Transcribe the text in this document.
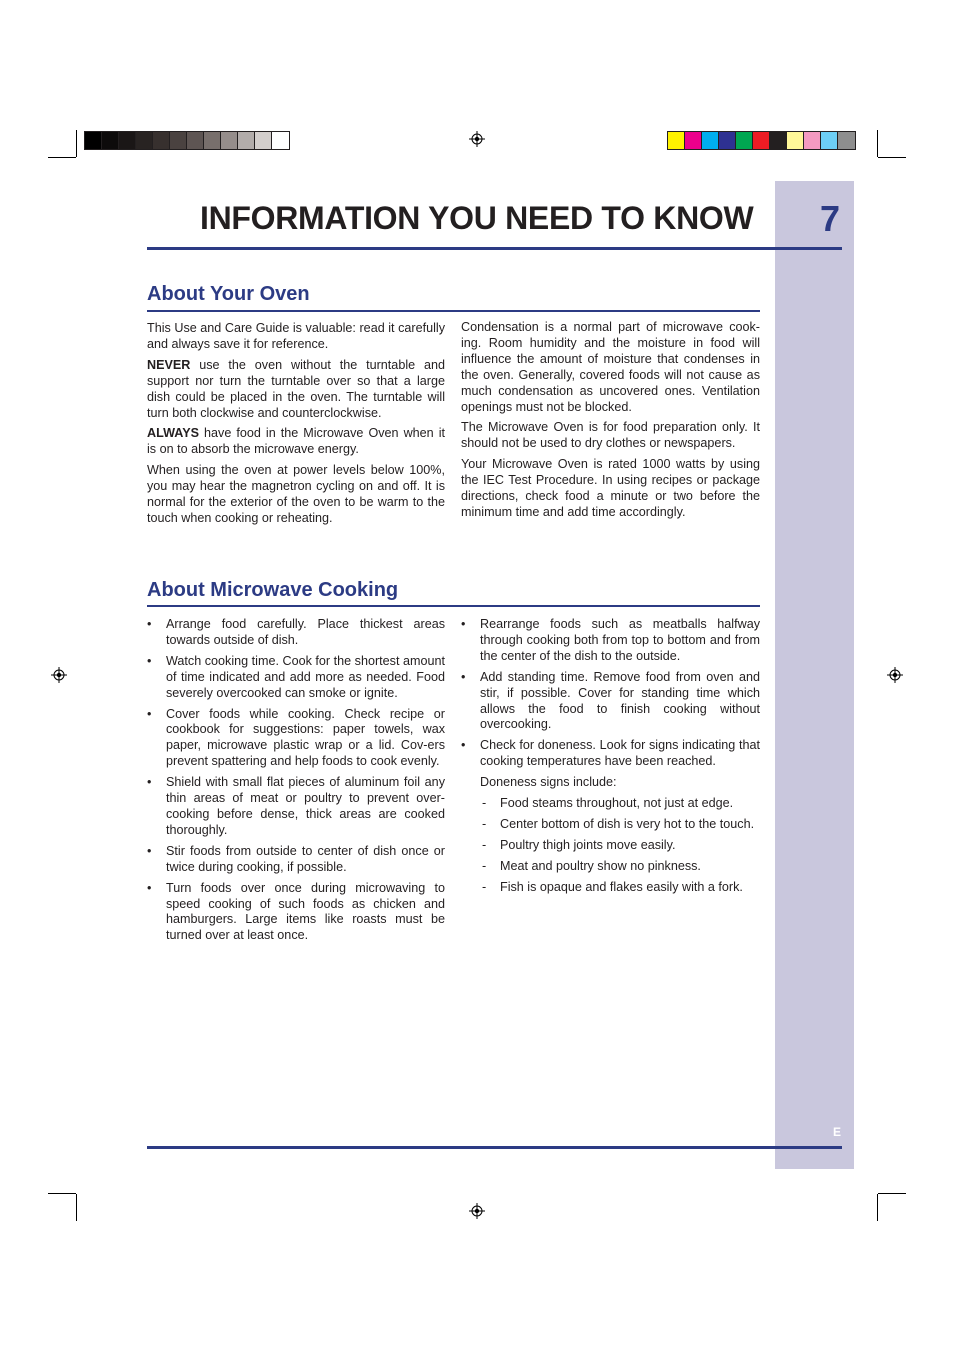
7
E
INFORMATION YOU NEED TO KNOW
About Your Oven

This Use and Care Guide is valuable: read it carefully and always save it for reference.

NEVER use the oven without the turntable and support nor turn the turntable over so that a large dish could be placed in the oven. The turntable will turn both clockwise and counterclockwise.

ALWAYS have food in the Microwave Oven when it is on to absorb the microwave energy.

When using the oven at power levels below 100%, you may hear the magnetron cycling on and off. It is normal for the exterior of the oven to be warm to the touch when cooking or reheating.

Condensation is a normal part of microwave cook-ing. Room humidity and the moisture in food will influence the amount of moisture that condenses in the oven. Generally, covered foods will not cause as much condensation as uncovered ones. Ventilation openings must not be blocked.

The Microwave Oven is for food preparation only. It should not be used to dry clothes or newspapers.

Your Microwave Oven is rated 1000 watts by using the IEC Test Procedure. In using recipes or package directions, check food a minute or two before the minimum time and add time accordingly.

About Microwave Cooking
• Arrange food carefully. Place thickest areas towards outside of dish.
• Watch cooking time. Cook for the shortest amount of time indicated and add more as needed. Food severely overcooked can smoke or ignite.
• Cover foods while cooking. Check recipe or cookbook for suggestions: paper towels, wax paper, microwave plastic wrap or a lid. Cov-ers prevent spattering and help foods to cook evenly.
• Shield with small flat pieces of aluminum foil any thin areas of meat or poultry to prevent over-cooking before dense, thick areas are cooked thoroughly.
• Stir foods from outside to center of dish once or twice during cooking, if possible.
• Turn foods over once during microwaving to speed cooking of such foods as chicken and hamburgers. Large items like roasts must be turned over at least once.
• Rearrange foods such as meatballs halfway through cooking both from top to bottom and from the center of the dish to the outside.
• Add standing time. Remove food from oven and stir, if possible. Cover for standing time which allows the food to finish cooking without overcooking.
• Check for doneness. Look for signs indicating that cooking temperatures have been reached.

Doneness signs include:

- Food steams throughout, not just at edge.
- Center bottom of dish is very hot to the touch.
- Poultry thigh joints move easily.
- Meat and poultry show no pinkness.
- Fish is opaque and flakes easily with a fork.
